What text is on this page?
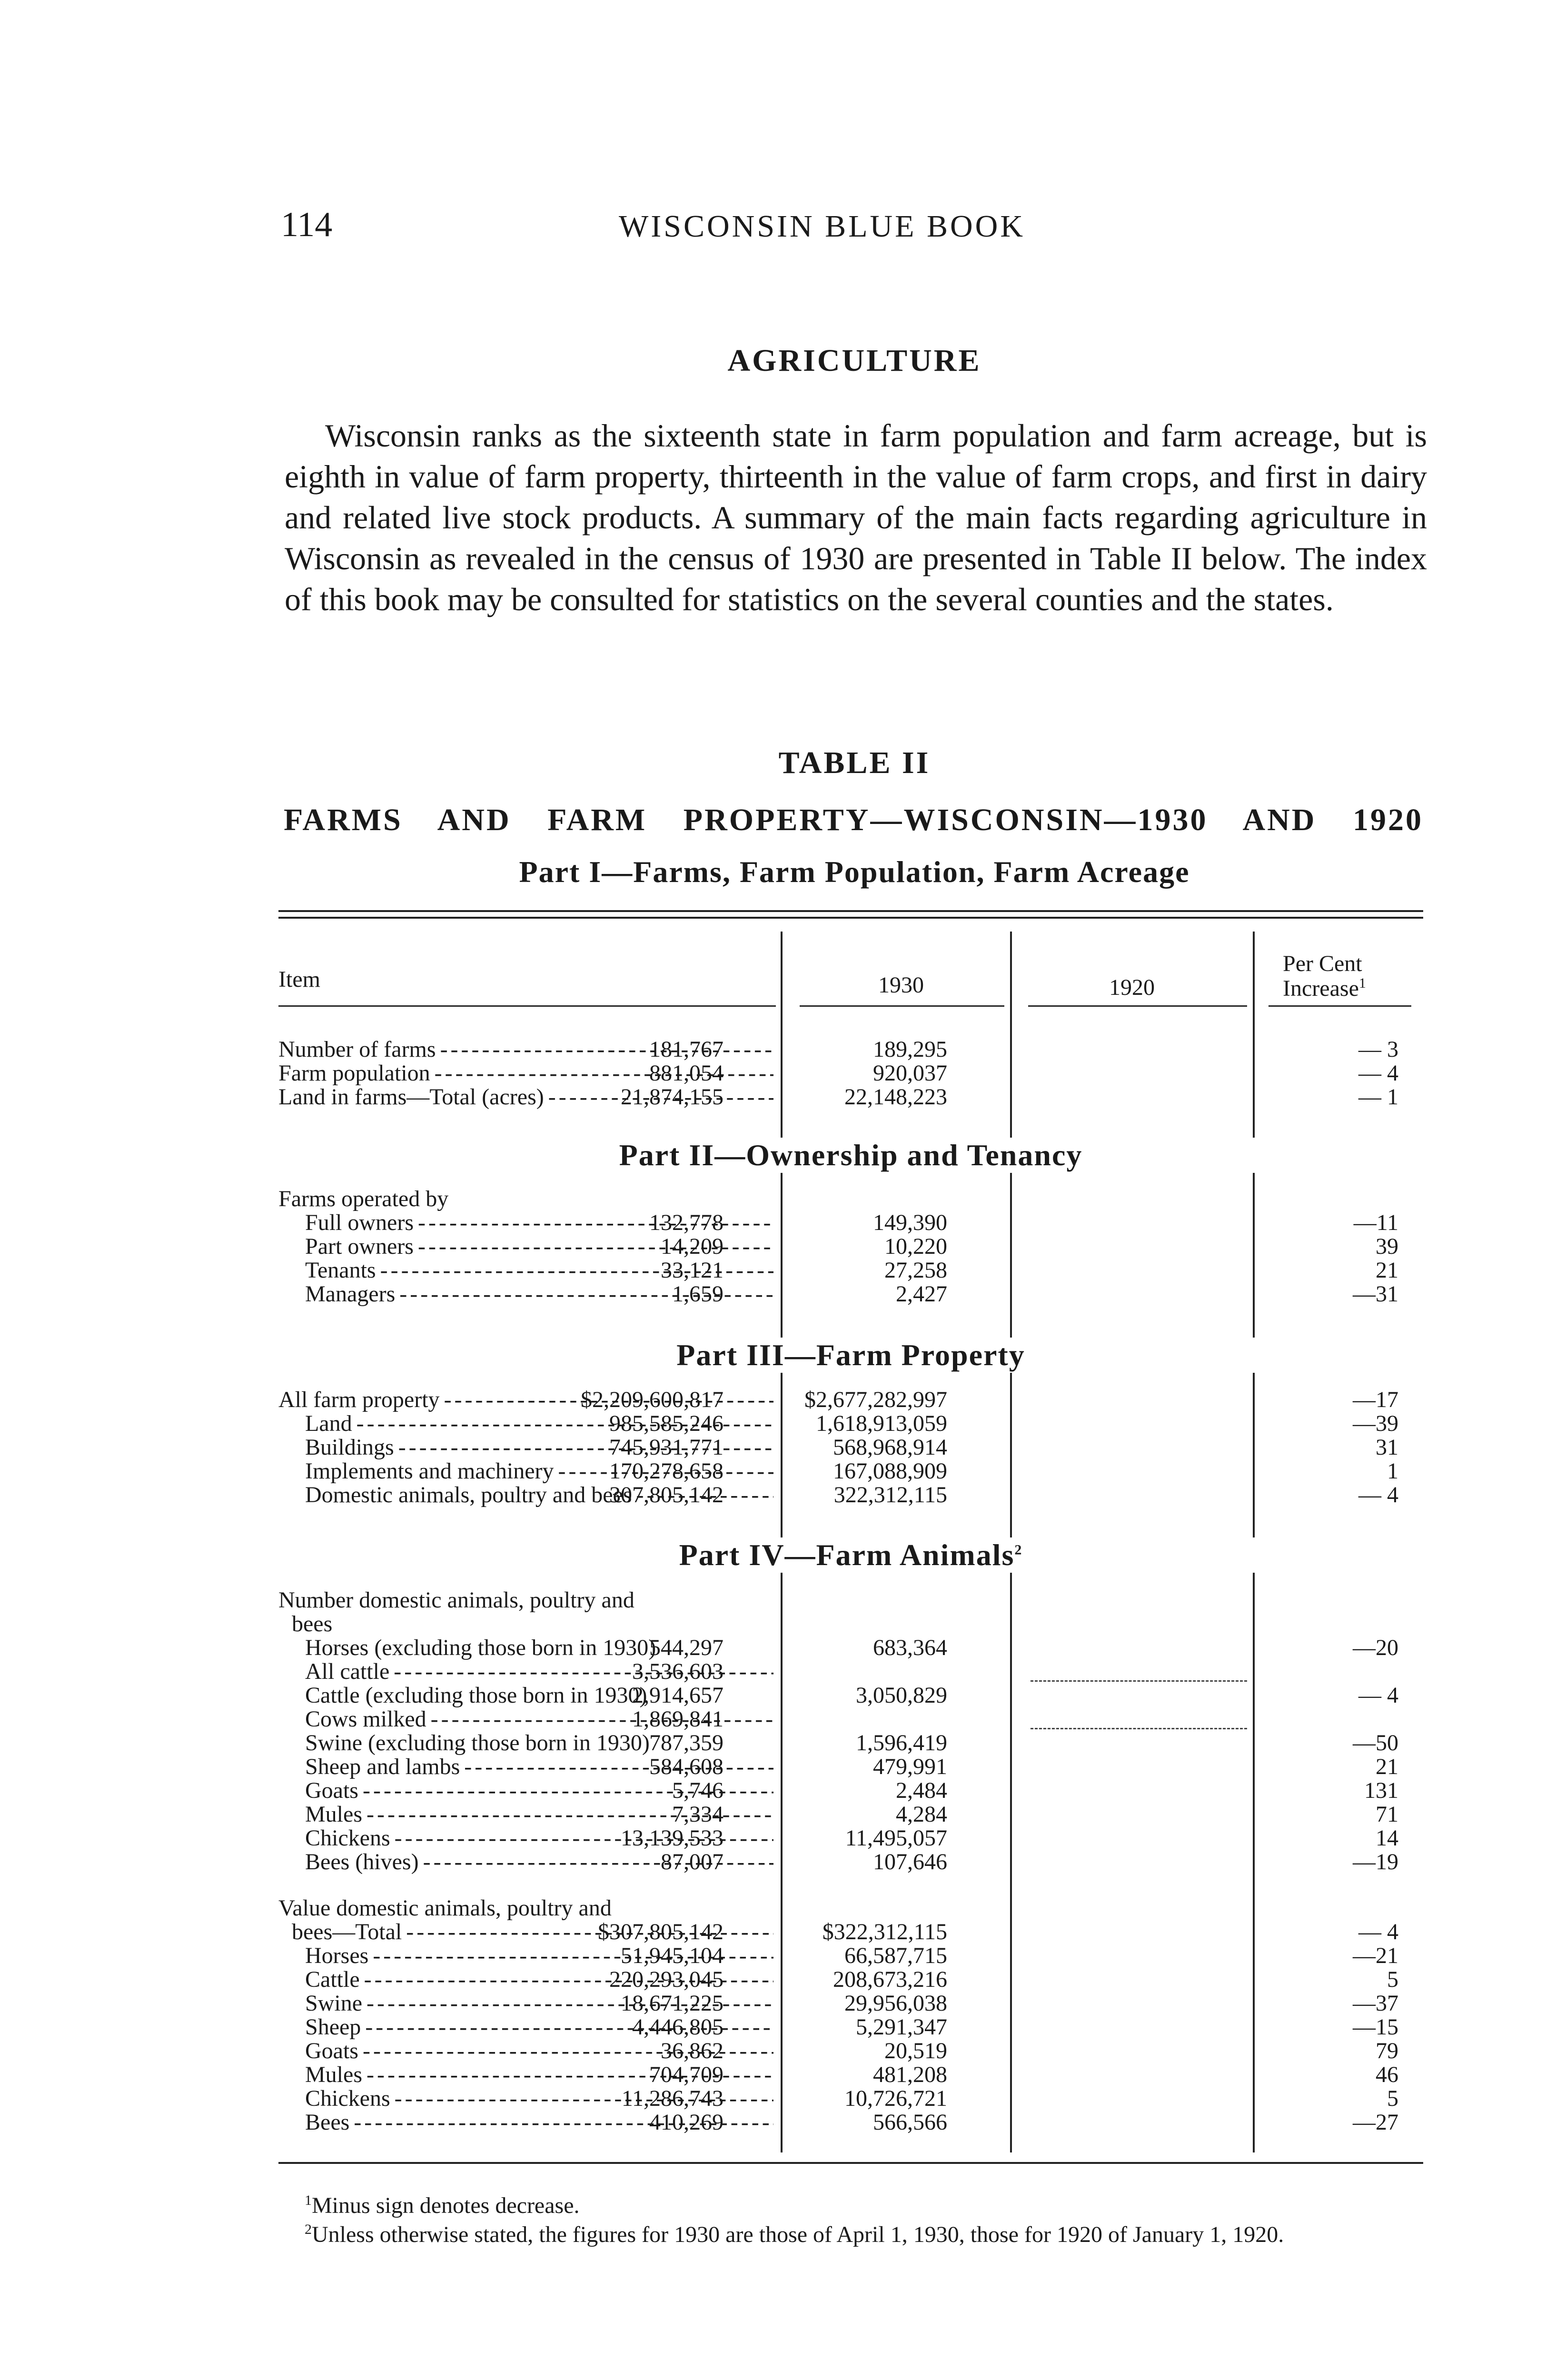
114	WISCONSIN BLUE BOOK
AGRICULTURE

Wisconsin ranks as the sixteenth state in farm population and farm acreage, but is eighth in value of farm property, thirteenth in the value of farm crops, and first in dairy and related live stock products. A summary of the main facts regarding agriculture in Wisconsin as revealed in the census of 1930 are presented in Table II below. The index of this book may be consulted for statistics on the several counties and the states.

TABLE II
FARMS AND FARM PROPERTY—WISCONSIN—1930 AND 1920
Part I—Farms, Farm Population, Farm Acreage
Item	1930	1920
Per Cent
Increase$^1$
Number of farms - - -	181,767	189,295	— 3
Farm population - - -	881,054	920,037	— 4
Land in farms—Total (acres) - - -	21,874,155	22,148,223	— 1
Part II—Ownership and Tenancy
Farms operated by
Full owners - - -	132,778	149,390	—11
Part owners - - -	14,209	10,220	39
Tenants - - -	33,121	27,258	21
Managers - - -	1,659	2,427	—31
Part III—Farm Property
All farm property - - -	$2,209,600,817	$2,677,282,997	—17
Land - - -	985,585,246	1,618,913,059	—39
Buildings - - -	745,931,771	568,968,914	31
Implements and machinery - - -	170,278,658	167,088,909	1
Domestic animals, poultry and bees - - -
307,805,142	322,312,115	— 4
Part IV—Farm Animals$^2$
Number domestic animals, poultry and
bees
Horses (excluding those born in 1930)
544,297	683,364	—20
All cattle - - -	3,536,603
Cattle (excluding those born in 1930)
2,914,657	3,050,829	— 4
Cows milked - - -	1,869,841
Swine (excluding those born in 1930) 787,359	1,596,419	—50
Sheep and lambs - - -	584,608	479,991	21
Goats - - -	5,746	2,484	131
Mules - - -	7,334	4,284	71
Chickens - - -	13,139,533	11,495,057	14
Bees (hives) - - -	87,007	107,646	—19
Value domestic animals, poultry and
bees—Total - - -	$307,805,142	$322,312,115	— 4
Horses - - -	51,945,104	66,587,715	—21
Cattle - - -	220,293,045	208,673,216	5
Swine - - -	18,671,225	29,956,038	—37
Sheep - - -	4,446,805	5,291,347	—15
Goats - - -	36,862	20,519	79
Mules - - -	704,709	481,208	46
Chickens - - -	11,286,743	10,726,721	5
Bees - - -	410,269	566,566	—27
$^1$Minus sign denotes decrease.
$^2$Unless otherwise stated, the figures for 1930 are those of April 1, 1930, those for 1920 of January 1, 1920.
